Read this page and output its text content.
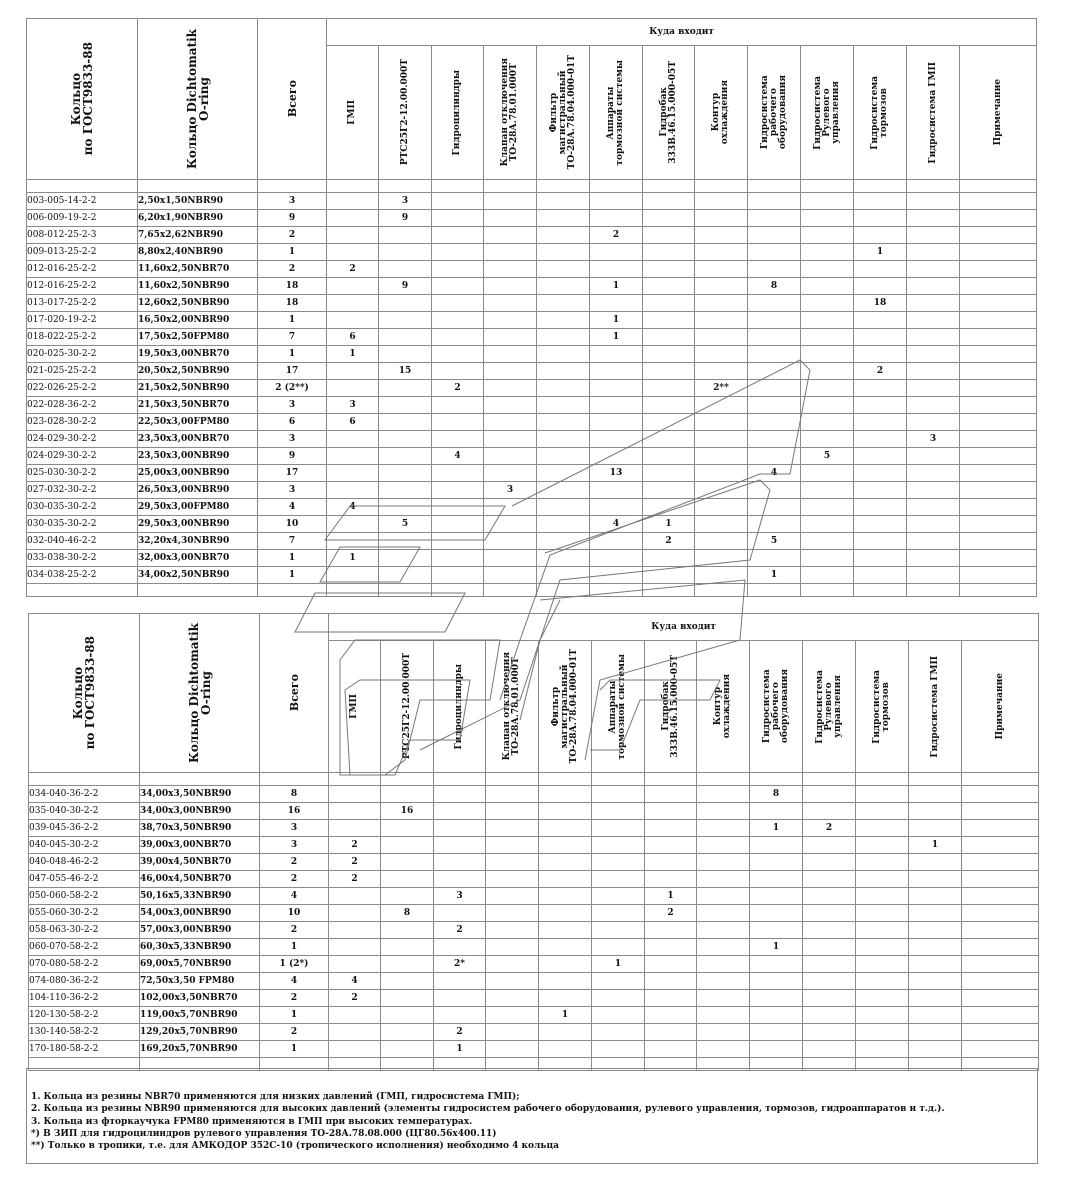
Кольцо
по ГОСТ9833-88	Кольцо Dichtomatik
O-ring	Всего	Куда входит												

			ГМП	РТС25Г2-12.00.000Т	Гидроцилиндры	Клапан отключения
ТО-28А.78.01.000Т	Фильтр
магистральный
ТО-28А.78.04.000-01Т	Аппараты
тормозной системы	Гидробак
333В.46.15.000-05Т	Контур
охлаждения	Гидросистема
рабочего
оборудования	Гидросистема
Рулевого
управления	Гидросистема
тормозов	Гидросистема ГМП	Примечание

003-005-14-2-2	2,50x1,50NBR90	3		3											
006-009-19-2-2	6,20x1,90NBR90	9		9											
008-012-25-2-3	7,65x2,62NBR90	2						2							
009-013-25-2-2	8,80x2,40NBR90	1											1		
012-016-25-2-2	11,60x2,50NBR70	2	2												
012-016-25-2-2	11,60x2,50NBR90	18		9				1			8				
013-017-25-2-2	12,60x2,50NBR90	18											18		
017-020-19-2-2	16,50x2,00NBR90	1						1							
018-022-25-2-2	17,50x2,50FPM80	7	6					1							
020-025-30-2-2	19,50x3,00NBR70	1	1												
021-025-25-2-2	20,50x2,50NBR90	17		15									2		
022-026-25-2-2	21,50x2,50NBR90	2 (2**)			2					2**					
022-028-36-2-2	21,50x3,50NBR70	3	3												
023-028-30-2-2	22,50x3,00FPM80	6	6												
024-029-30-2-2	23,50x3,00NBR70	3												3	
024-029-30-2-2	23,50x3,00NBR90	9			4							5			
025-030-30-2-2	25,00x3,00NBR90	17						13			4				
027-032-30-2-2	26,50x3,00NBR90	3				3									
030-035-30-2-2	29,50x3,00FPM80	4	4												
030-035-30-2-2	29,50x3,00NBR90	10		5				4	1						
032-040-46-2-2	32,20x4,30NBR90	7							2		5				
033-038-30-2-2	32,00x3,00NBR70	1	1												
034-038-25-2-2	34,00x2,50NBR90	1									1				

Кольцо
по ГОСТ9833-88	Кольцо Dichtomatik
O-ring	Всего	Куда входит												

			ГМП	РТС25Г2-12.00.000Т	Гидроцилиндры	Клапан отключения
ТО-28А.78.01.000Т	Фильтр
магистральный
ТО-28А.78.04.000-01Т	Аппараты
тормозной системы	Гидробак
333В.46.15.000-05Т	Контур
охлаждения	Гидросистема
рабочего
оборудования	Гидросистема
Рулевого
управления	Гидросистема
тормозов	Гидросистема ГМП	Примечание

034-040-36-2-2	34,00x3,50NBR90	8									8				
035-040-30-2-2	34,00x3,00NBR90	16		16											
039-045-36-2-2	38,70x3,50NBR90	3									1	2			
040-045-30-2-2	39,00x3,00NBR70	3	2											1	
040-048-46-2-2	39,00x4,50NBR70	2	2												
047-055-46-2-2	46,00x4,50NBR70	2	2												
050-060-58-2-2	50,16x5,33NBR90	4			3				1						
055-060-30-2-2	54,00x3,00NBR90	10		8					2						
058-063-30-2-2	57,00x3,00NBR90	2			2										
060-070-58-2-2	60,30x5,33NBR90	1									1				
070-080-58-2-2	69,00x5,70NBR90	1 (2*)			2*			1							
074-080-36-2-2	72,50x3,50 FPM80	4	4												
104-110-36-2-2	102,00x3,50NBR70	2	2												
120-130-58-2-2	119,00x5,70NBR90	1					1								
130-140-58-2-2	129,20x5,70NBR90	2			2										
170-180-58-2-2	169,20x5,70NBR90	1			1										

1. Кольца из резины NBR70 применяются для низких давлений (ГМП, гидросистема ГМП);
2. Кольца из резины NBR90 применяются для высоких давлений (элементы гидросистем рабочего оборудования, рулевого управления, тормозов, гидроаппаратов и т.д.).
3. Кольца из фторкаучука FPM80 применяются в ГМП при высоких температурах.
*) В ЗИП для гидроцилиндров рулевого управления ТО-28А.78.08.000 (ЦГ80.56х400.11)
**) Только в тропики, т.е. для АМКОДОР 352С-10 (тропического исполнения) необходимо 4 кольца
